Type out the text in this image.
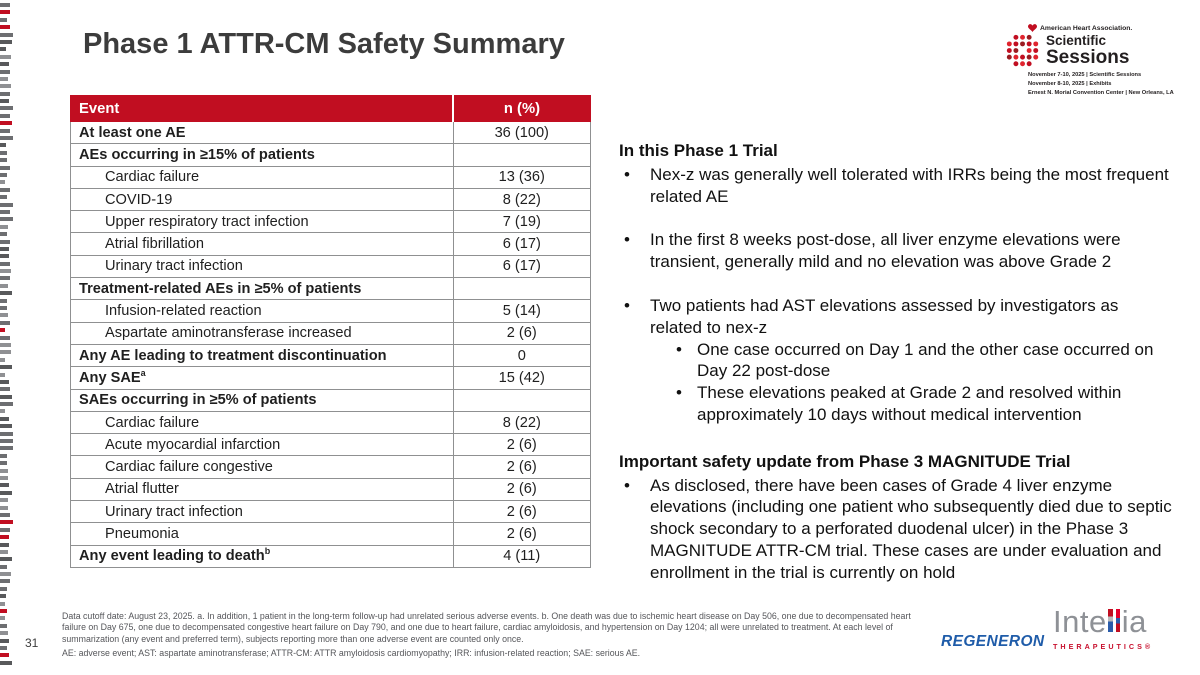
Phase 1 ATTR-CM Safety Summary	American Heart Association.
Scientific
Sessions
November 7-10, 2025 | Scientific Sessions
November 8-10, 2025 | Exhibits
Ernest N. Morial Convention Center | New Orleans, LA
Event	n (%)
At least one AE	36 (100)
AEs occurring in ≥15% of patients	
Cardiac failure	13 (36)
COVID-19	8 (22)
Upper respiratory tract infection	7 (19)
Atrial fibrillation	6 (17)
Urinary tract infection	6 (17)
Treatment-related AEs in ≥5% of patients	
Infusion-related reaction	5 (14)
Aspartate aminotransferase increased	2 (6)
Any AE leading to treatment discontinuation	0
Any SAE$^a$	15 (42)
SAEs occurring in ≥5% of patients	
Cardiac failure	8 (22)
Acute myocardial infarction	2 (6)
Cardiac failure congestive	2 (6)
Atrial flutter	2 (6)
Urinary tract infection	2 (6)
Pneumonia	2 (6)
Any event leading to death$^b$	4 (11)
In this Phase 1 Trial
•	Nex-z was generally well tolerated with IRRs being the most frequent related AE
•	In the first 8 weeks post-dose, all liver enzyme elevations were transient, generally mild and no elevation was above Grade 2
•	Two patients had AST elevations assessed by investigators as related to nex-z
• One case occurred on Day 1 and the other case occurred on Day 22 post-dose
• These elevations peaked at Grade 2 and resolved within approximately 10 days without medical intervention
Important safety update from Phase 3 MAGNITUDE Trial
•	As disclosed, there have been cases of Grade 4 liver enzyme elevations (including one patient who subsequently died due to septic shock secondary to a perforated duodenal ulcer) in the Phase 3 MAGNITUDE ATTR-CM trial. These cases are under evaluation and enrollment in the trial is currently on hold
31

Data cutoff date: August 23, 2025. a. In addition, 1 patient in the long-term follow-up had unrelated serious adverse events. b. One death was due to ischemic heart disease on Day 506, one due to decompensated heart failure on Day 675, one due to decompensated congestive heart failure on Day 790, and one due to heart failure, cardiac amyloidosis, and hypertension on Day 1204; all were unrelated to treatment. At each level of summarization (any event and preferred term), subjects reporting more than one adverse event are counted only once.

AE: adverse event; AST: aspartate aminotransferase; ATTR-CM: ATTR amyloidosis cardiomyopathy; IRR: infusion-related reaction; SAE: serious AE.

REGENERON
Inte ia
THERAPEUTICS®
